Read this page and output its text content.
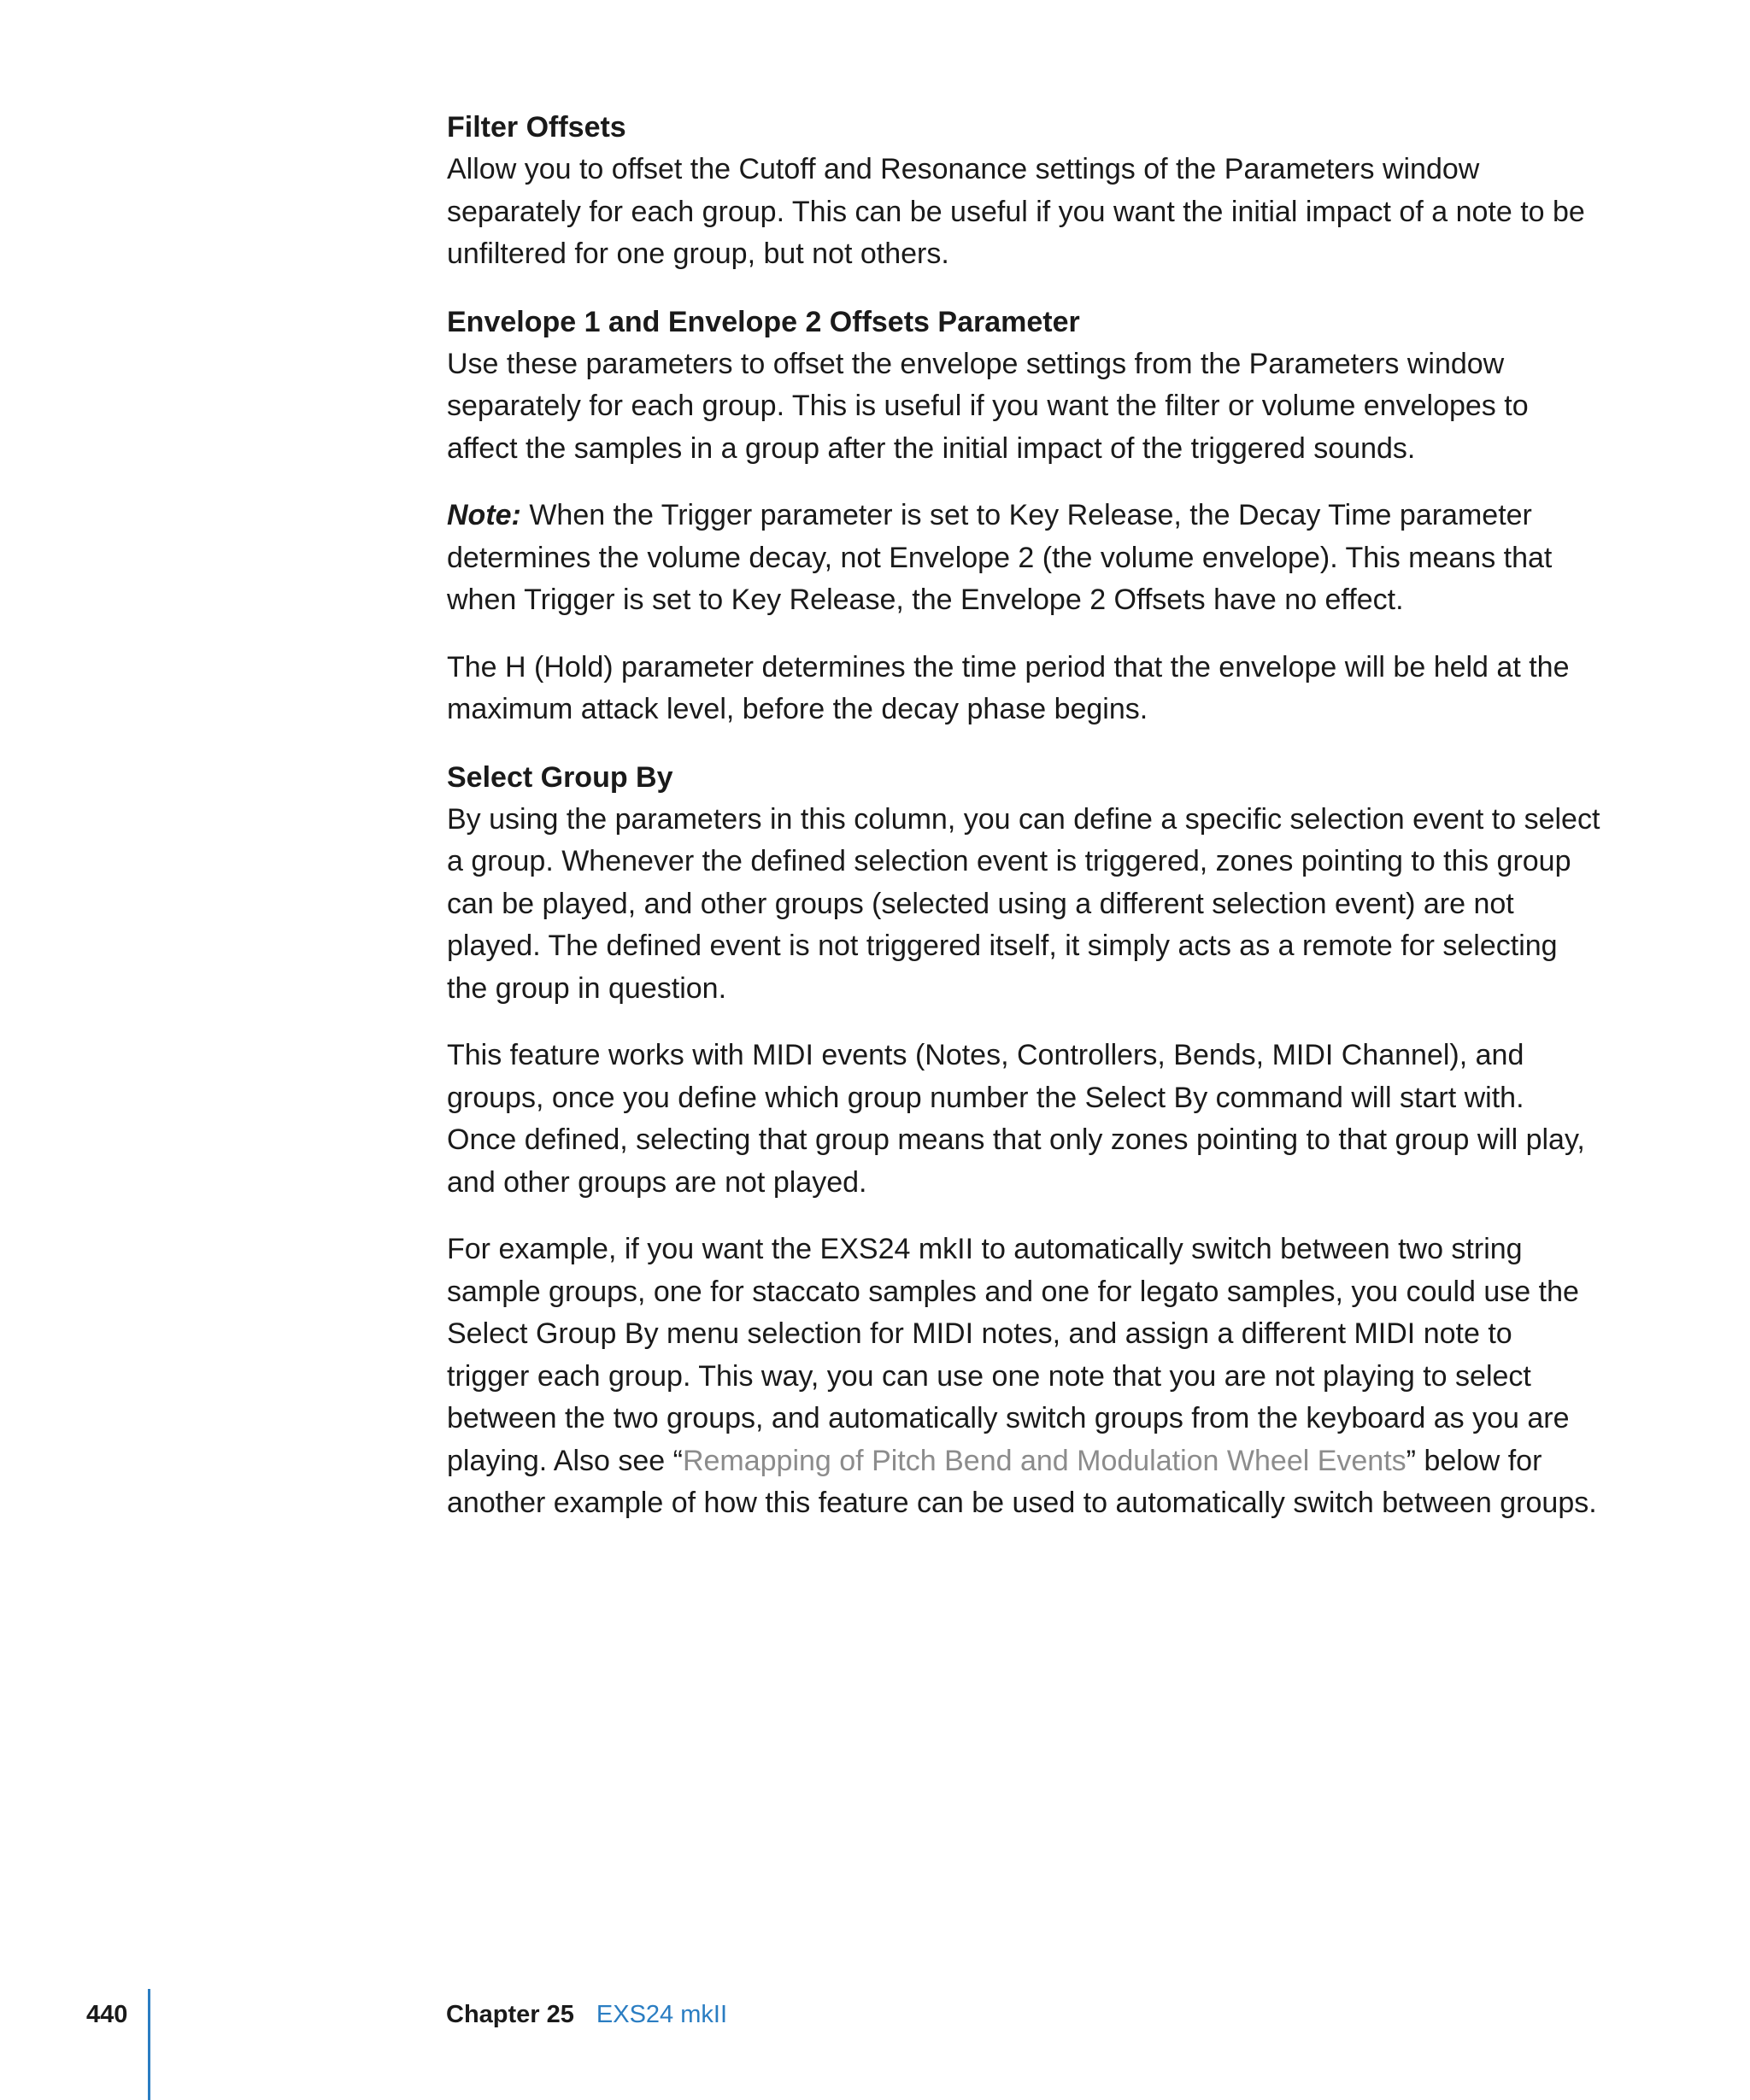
Filter Offsets

Allow you to offset the Cutoff and Resonance settings of the Parameters window separately for each group. This can be useful if you want the initial impact of a note to be unfiltered for one group, but not others.

Envelope 1 and Envelope 2 Offsets Parameter

Use these parameters to offset the envelope settings from the Parameters window separately for each group. This is useful if you want the filter or volume envelopes to affect the samples in a group after the initial impact of the triggered sounds.

Note: When the Trigger parameter is set to Key Release, the Decay Time parameter determines the volume decay, not Envelope 2 (the volume envelope). This means that when Trigger is set to Key Release, the Envelope 2 Offsets have no effect.

The H (Hold) parameter determines the time period that the envelope will be held at the maximum attack level, before the decay phase begins.

Select Group By

By using the parameters in this column, you can define a specific selection event to select a group. Whenever the defined selection event is triggered, zones pointing to this group can be played, and other groups (selected using a different selection event) are not played. The defined event is not triggered itself, it simply acts as a remote for selecting the group in question.

This feature works with MIDI events (Notes, Controllers, Bends, MIDI Channel), and groups, once you define which group number the Select By command will start with. Once defined, selecting that group means that only zones pointing to that group will play, and other groups are not played.

For example, if you want the EXS24 mkII to automatically switch between two string sample groups, one for staccato samples and one for legato samples, you could use the Select Group By menu selection for MIDI notes, and assign a different MIDI note to trigger each group. This way, you can use one note that you are not playing to select between the two groups, and automatically switch groups from the keyboard as you are playing. Also see “Remapping of Pitch Bend and Modulation Wheel Events” below for another example of how this feature can be used to automatically switch between groups.

440	Chapter 25 EXS24 mkII
